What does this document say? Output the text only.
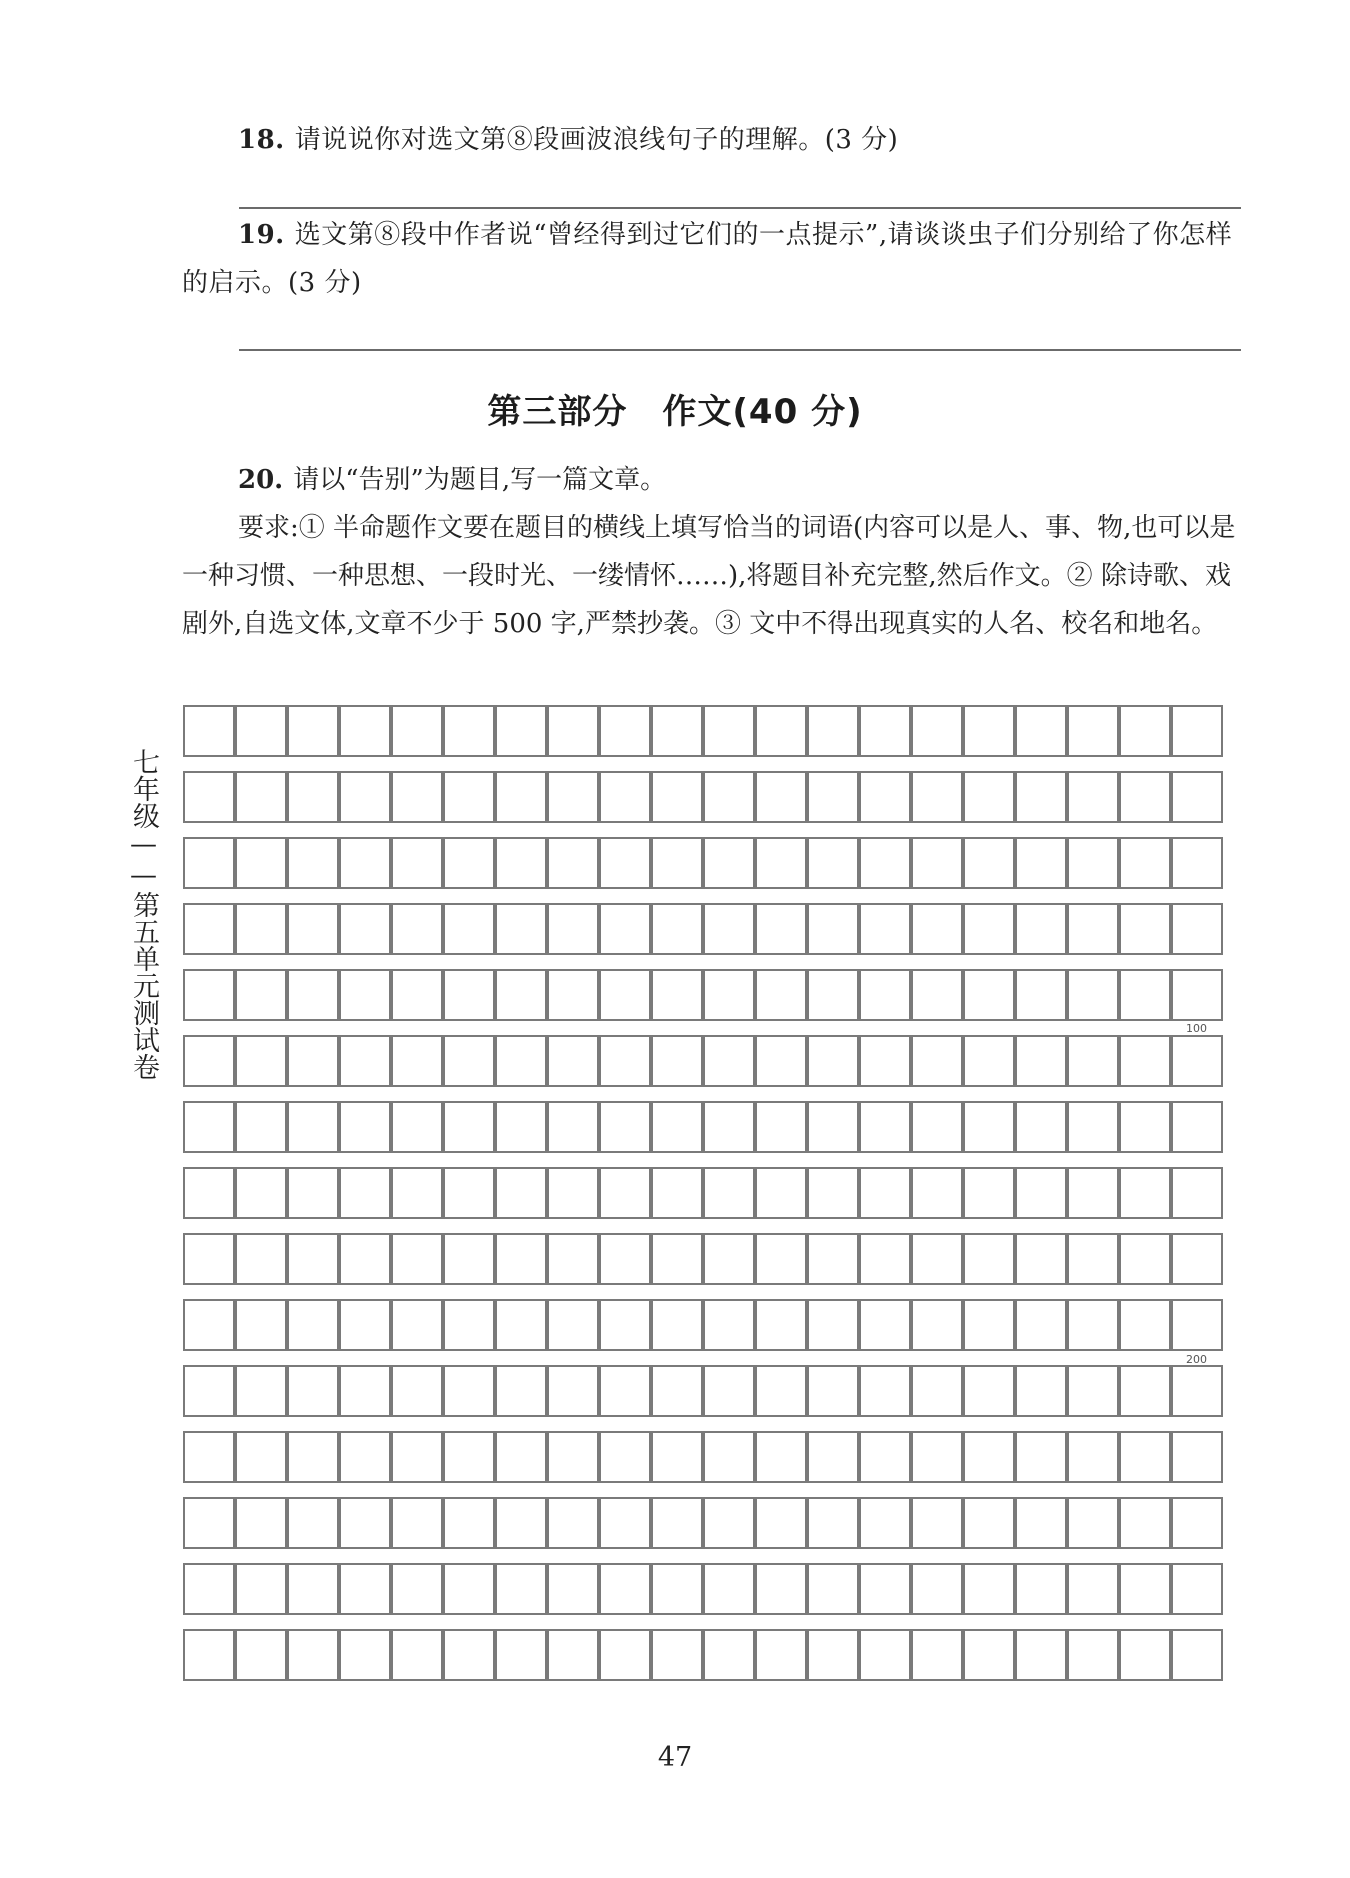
18. 请说说你对选文第⑧段画波浪线句子的理解。(3 分)
19. 选文第⑧段中作者说“曾经得到过它们的一点提示”,请谈谈虫子们分别给了你怎样的启示。(3 分)
第三部分　作文(40 分)
20. 请以“告别”为题目,写一篇文章。
要求:① 半命题作文要在题目的横线上填写恰当的词语(内容可以是人、事、物,也可以是一种习惯、一种思想、一段时光、一缕情怀……),将题目补充完整,然后作文。② 除诗歌、戏剧外,自选文体,文章不少于 500 字,严禁抄袭。③ 文中不得出现真实的人名、校名和地名。
七年级——第五单元测试卷	100
200
47
